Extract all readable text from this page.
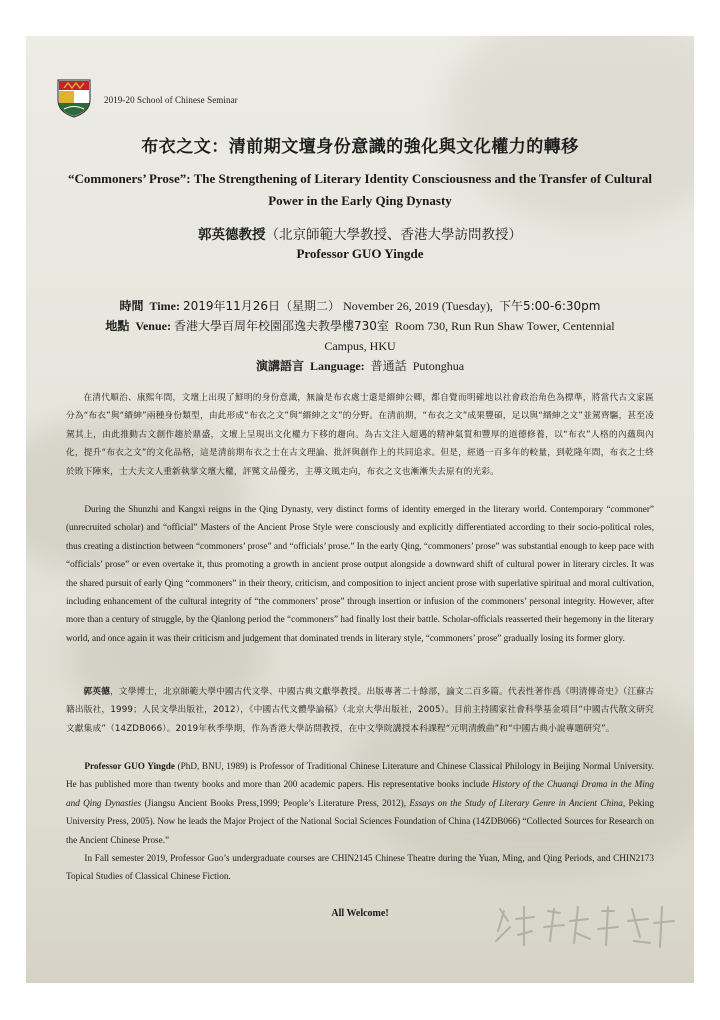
2019-20 School of Chinese Seminar
布衣之文：清前期文壇身份意識的強化與文化權力的轉移
“Commoners’ Prose”: The Strengthening of Literary Identity Consciousness and the Transfer of Cultural Power in the Early Qing Dynasty
郭英德教授（北京師範大學教授、香港大學訪問教授）
Professor GUO Yingde
時間 Time: 2019年11月26日（星期二） November 26, 2019 (Tuesday), 下午5:00-6:30pm
地點 Venue: 香港大學百周年校園邵逸夫教學樓730室 Room 730, Run Run Shaw Tower, Centennial Campus, HKU
演講語言 Language: 普通話 Putonghua
在清代順治、康熙年間，文壇上出現了鮮明的身份意識，無論是布衣處士還是縉紳公卿，都自覺而明確地以社會政治角色為標準，將當代古文家區分為“布衣”與“縉紳”兩種身份類型，由此形成“布衣之文”與“縉紳之文”的分野。在清前期，“布衣之文”成果豐碩，足以與“縉紳之文”並駕齊驅，甚至凌駕其上，由此推動古文創作趨於鼎盛，文壇上呈現出文化權力下移的趨向。為古文注入超邁的精神氣質和豐厚的道德修養，以“布衣”人格的內蘊與內化，提升“布衣之文”的文化品格，這是清前期布衣之士在古文理論、批評與創作上的共同追求。但是，經過一百多年的較量，到乾隆年間，布衣之士終於敗下陣來，士大夫文人重新執掌文壇大權，評騭文品優劣，主導文風走向，布衣之文也漸漸失去原有的光彩。
During the Shunzhi and Kangxi reigns in the Qing Dynasty, very distinct forms of identity emerged in the literary world. Contemporary “commoner” (unrecruited scholar) and “official” Masters of the Ancient Prose Style were consciously and explicitly differentiated according to their socio-political roles, thus creating a distinction between “commoners’ prose” and “officials’ prose.” In the early Qing, “commoners’ prose” was substantial enough to keep pace with “officials’ prose” or even overtake it, thus promoting a growth in ancient prose output alongside a downward shift of cultural power in literary circles. It was the shared pursuit of early Qing “commoners” in their theory, criticism, and composition to inject ancient prose with superlative spiritual and moral cultivation, including enhancement of the cultural integrity of “the commoners’ prose” through insertion or infusion of the commoners’ personal integrity. However, after more than a century of struggle, by the Qianlong period the “commoners” had finally lost their battle. Scholar-officials reasserted their hegemony in the literary world, and once again it was their criticism and judgement that dominated trends in literary style, “commoners’ prose” gradually losing its former glory.
郭英德，文學博士，北京師範大學中國古代文學、中國古典文獻學教授。出版專著二十餘部，論文二百多篇。代表性著作爲《明清傳奇史》（江蘇古籍出版社，1999；人民文學出版社，2012），《中國古代文體學論稿》（北京大學出版社，2005）。目前主持國家社會科學基金項目“中國古代散文研究文獻集成”（14ZDB066）。2019年秋季學期，作為香港大學訪問教授，在中文學院講授本科課程“元明清戲曲”和“中國古典小說專題研究”。
Professor GUO Yingde (PhD, BNU, 1989) is Professor of Traditional Chinese Literature and Chinese Classical Philology in Beijing Normal University. He has published more than twenty books and more than 200 academic papers. His representative books include History of the Chuanqi Drama in the Ming and Qing Dynasties (Jiangsu Ancient Books Press,1999; People’s Literature Press, 2012), Essays on the Study of Literary Genre in Ancient China, Peking University Press, 2005). Now he leads the Major Project of the National Social Sciences Foundation of China (14ZDB066) “Collected Sources for Research on the Ancient Chinese Prose.”
In Fall semester 2019, Professor Guo’s undergraduate courses are CHIN2145 Chinese Theatre during the Yuan, Ming, and Qing Periods, and CHIN2173 Topical Studies of Classical Chinese Fiction.
All Welcome!
